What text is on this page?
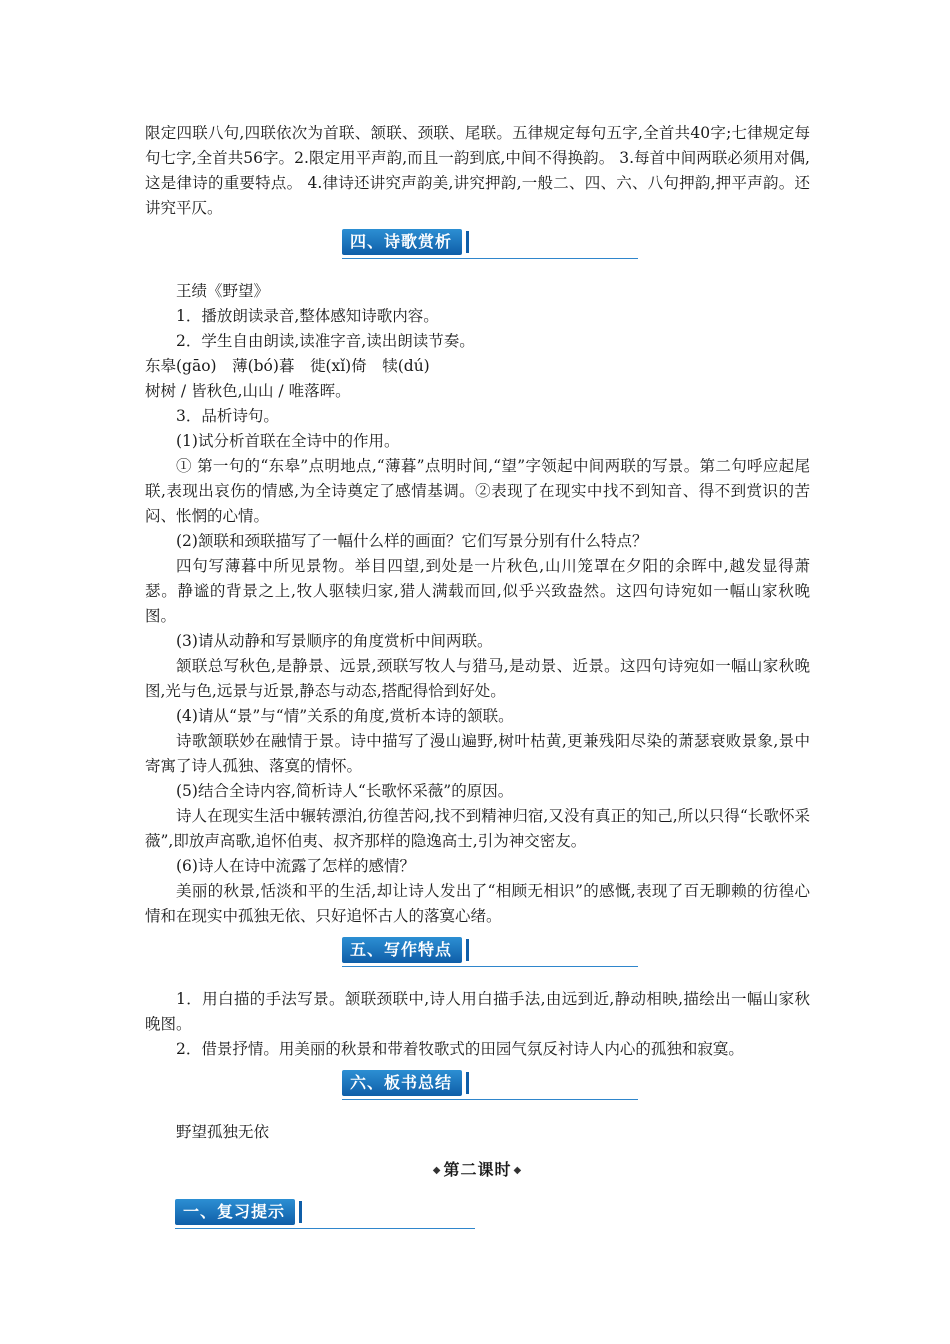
限定四联八句,四联依次为首联、颔联、颈联、尾联。五律规定每句五字,全首共40字;七律规定每句七字,全首共56字。2.限定用平声韵,而且一韵到底,中间不得换韵。 3.每首中间两联必须用对偶,这是律诗的重要特点。 4.律诗还讲究声韵美,讲究押韵,一般二、四、六、八句押韵,押平声韵。还讲究平仄。

四、诗歌赏析

王绩《野望》

1．播放朗读录音,整体感知诗歌内容。

2．学生自由朗读,读准字音,读出朗读节奏。

东皋(gāo)　薄(bó)暮　徙(xǐ)倚　犊(dú)

树树 / 皆秋色,山山 / 唯落晖。

3．品析诗句。

(1)试分析首联在全诗中的作用。

① 第一句的“东皋”点明地点,“薄暮”点明时间,“望”字领起中间两联的写景。第二句呼应起尾联,表现出哀伤的情感,为全诗奠定了感情基调。②表现了在现实中找不到知音、得不到赏识的苦闷、怅惘的心情。

(2)颔联和颈联描写了一幅什么样的画面？它们写景分别有什么特点？

四句写薄暮中所见景物。举目四望,到处是一片秋色,山川笼罩在夕阳的余晖中,越发显得萧瑟。静谧的背景之上,牧人驱犊归家,猎人满载而回,似乎兴致盎然。这四句诗宛如一幅山家秋晚图。

(3)请从动静和写景顺序的角度赏析中间两联。

颔联总写秋色,是静景、远景,颈联写牧人与猎马,是动景、近景。这四句诗宛如一幅山家秋晚图,光与色,远景与近景,静态与动态,搭配得恰到好处。

(4)请从“景”与“情”关系的角度,赏析本诗的颔联。

诗歌颔联妙在融情于景。诗中描写了漫山遍野,树叶枯黄,更兼残阳尽染的萧瑟衰败景象,景中寄寓了诗人孤独、落寞的情怀。

(5)结合全诗内容,简析诗人“长歌怀采薇”的原因。

诗人在现实生活中辗转漂泊,彷徨苦闷,找不到精神归宿,又没有真正的知己,所以只得“长歌怀采薇”,即放声高歌,追怀伯夷、叔齐那样的隐逸高士,引为神交密友。

(6)诗人在诗中流露了怎样的感情？

美丽的秋景,恬淡和平的生活,却让诗人发出了“相顾无相识”的感慨,表现了百无聊赖的彷徨心情和在现实中孤独无依、只好追怀古人的落寞心绪。

五、写作特点

1．用白描的手法写景。颔联颈联中,诗人用白描手法,由远到近,静动相映,描绘出一幅山家秋晚图。

2．借景抒情。用美丽的秋景和带着牧歌式的田园气氛反衬诗人内心的孤独和寂寞。

六、板书总结

野望孤独无依

◆ 第二课时 ◆
一、复习提示
